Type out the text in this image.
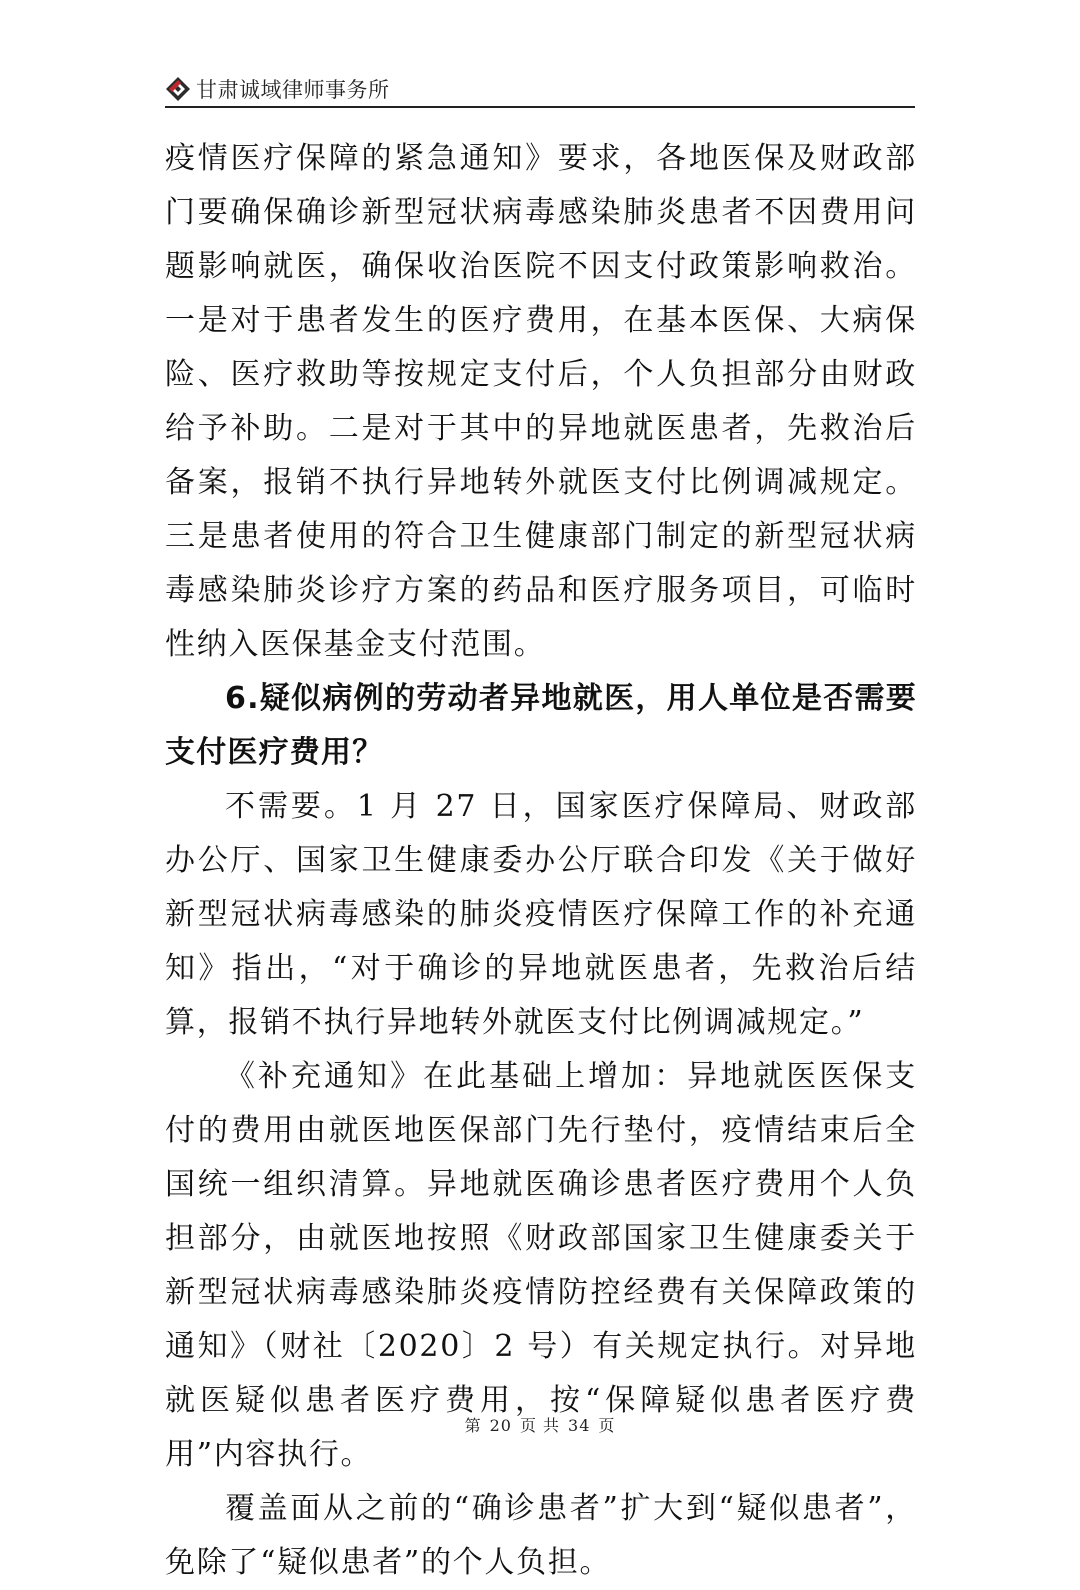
甘肃诚域律师事务所

疫情医疗保障的紧急通知》要求，各地医保及财政部门要确保确诊新型冠状病毒感染肺炎患者不因费用问题影响就医，确保收治医院不因支付政策影响救治。一是对于患者发生的医疗费用，在基本医保、大病保险、医疗救助等按规定支付后，个人负担部分由财政给予补助。二是对于其中的异地就医患者，先救治后备案，报销不执行异地转外就医支付比例调减规定。三是患者使用的符合卫生健康部门制定的新型冠状病毒感染肺炎诊疗方案的药品和医疗服务项目，可临时性纳入医保基金支付范围。

6.疑似病例的劳动者异地就医，用人单位是否需要支付医疗费用？

不需要。1 月 27 日，国家医疗保障局、财政部办公厅、国家卫生健康委办公厅联合印发《关于做好新型冠状病毒感染的肺炎疫情医疗保障工作的补充通知》指出，“对于确诊的异地就医患者，先救治后结算，报销不执行异地转外就医支付比例调减规定。”

《补充通知》在此基础上增加：异地就医医保支付的费用由就医地医保部门先行垫付，疫情结束后全国统一组织清算。异地就医确诊患者医疗费用个人负担部分，由就医地按照《财政部国家卫生健康委关于新型冠状病毒感染肺炎疫情防控经费有关保障政策的通知》（财社〔2020〕2 号）有关规定执行。对异地就医疑似患者医疗费用，按“保障疑似患者医疗费用”内容执行。

覆盖面从之前的“确诊患者”扩大到“疑似患者”，免除了“疑似患者”的个人负担。

第 20 页 共 34 页
